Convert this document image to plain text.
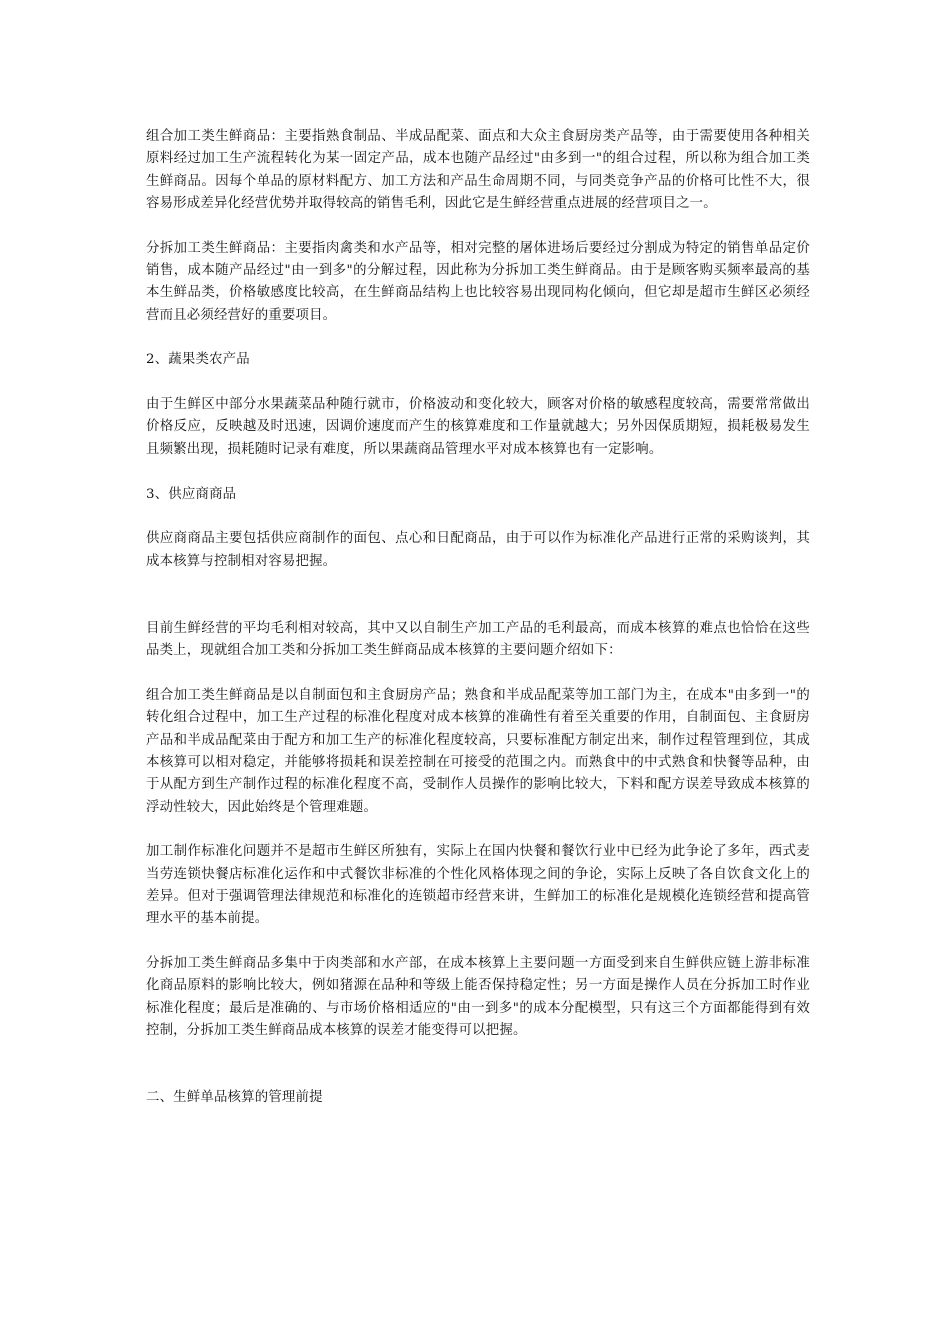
组合加工类生鲜商品：主要指熟食制品、半成品配菜、面点和大众主食厨房类产品等，由于需要使用各种相关原料经过加工生产流程转化为某一固定产品，成本也随产品经过"由多到一"的组合过程，所以称为组合加工类生鲜商品。因每个单品的原材料配方、加工方法和产品生命周期不同，与同类竞争产品的价格可比性不大，很容易形成差异化经营优势并取得较高的销售毛利，因此它是生鲜经营重点进展的经营项目之一。

分拆加工类生鲜商品：主要指肉禽类和水产品等，相对完整的屠体进场后要经过分割成为特定的销售单品定价销售，成本随产品经过"由一到多"的分解过程，因此称为分拆加工类生鲜商品。由于是顾客购买频率最高的基本生鲜品类，价格敏感度比较高，在生鲜商品结构上也比较容易出现同构化倾向，但它却是超市生鲜区必须经营而且必须经营好的重要项目。

2、蔬果类农产品

由于生鲜区中部分水果蔬菜品种随行就市，价格波动和变化较大，顾客对价格的敏感程度较高，需要常常做出价格反应，反映越及时迅速，因调价速度而产生的核算难度和工作量就越大；另外因保质期短，损耗极易发生且频繁出现，损耗随时记录有难度，所以果蔬商品管理水平对成本核算也有一定影响。

3、供应商商品

供应商商品主要包括供应商制作的面包、点心和日配商品，由于可以作为标准化产品进行正常的采购谈判，其成本核算与控制相对容易把握。

目前生鲜经营的平均毛利相对较高，其中又以自制生产加工产品的毛利最高，而成本核算的难点也恰恰在这些品类上，现就组合加工类和分拆加工类生鲜商品成本核算的主要问题介绍如下：

组合加工类生鲜商品是以自制面包和主食厨房产品；熟食和半成品配菜等加工部门为主，在成本"由多到一"的转化组合过程中，加工生产过程的标准化程度对成本核算的准确性有着至关重要的作用，自制面包、主食厨房产品和半成品配菜由于配方和加工生产的标准化程度较高，只要标准配方制定出来，制作过程管理到位，其成本核算可以相对稳定，并能够将损耗和误差控制在可接受的范围之内。而熟食中的中式熟食和快餐等品种，由于从配方到生产制作过程的标准化程度不高，受制作人员操作的影响比较大，下料和配方误差导致成本核算的浮动性较大，因此始终是个管理难题。

加工制作标准化问题并不是超市生鲜区所独有，实际上在国内快餐和餐饮行业中已经为此争论了多年，西式麦当劳连锁快餐店标准化运作和中式餐饮非标准的个性化风格体现之间的争论，实际上反映了各自饮食文化上的差异。但对于强调管理法律规范和标准化的连锁超市经营来讲，生鲜加工的标准化是规模化连锁经营和提高管理水平的基本前提。

分拆加工类生鲜商品多集中于肉类部和水产部，在成本核算上主要问题一方面受到来自生鲜供应链上游非标准化商品原料的影响比较大，例如猪源在品种和等级上能否保持稳定性；另一方面是操作人员在分拆加工时作业标准化程度；最后是准确的、与市场价格相适应的"由一到多"的成本分配模型，只有这三个方面都能得到有效控制，分拆加工类生鲜商品成本核算的误差才能变得可以把握。

二、生鲜单品核算的管理前提
